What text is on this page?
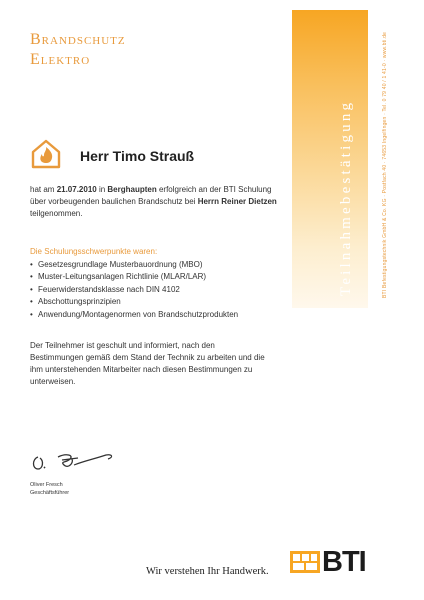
Brandschutz
Elektro
Teilnahmebestätigung	BTI Befestigungstechnik GmbH & Co. KG · Postfach 40 · 74653 Ingelfingen · Tel. 0 79 40 / 1 41-0 · www.bti.de
Herr Timo Strauß
hat am 21.07.2010 in Berghaupten erfolgreich an der BTI Schulung über vorbeugenden baulichen Brandschutz bei Herrn Reiner Dietzen teilgenommen.
Die Schulungsschwerpunkte waren:
• Gesetzesgrundlage Musterbauordnung (MBO)
• Muster-Leitungsanlagen Richtlinie (MLAR/LAR)
• Feuerwiderstandsklasse nach DIN 4102
• Abschottungsprinzipien
• Anwendung/Montagenormen von Brandschutzprodukten
Der Teilnehmer ist geschult und informiert, nach den Bestimmungen gemäß dem Stand der Technik zu arbeiten und die ihm unterstehenden Mitarbeiter nach diesen Bestimmungen zu unterweisen.
Oliver Fresch
Geschäftsführer
Wir verstehen Ihr Handwerk. BTI
